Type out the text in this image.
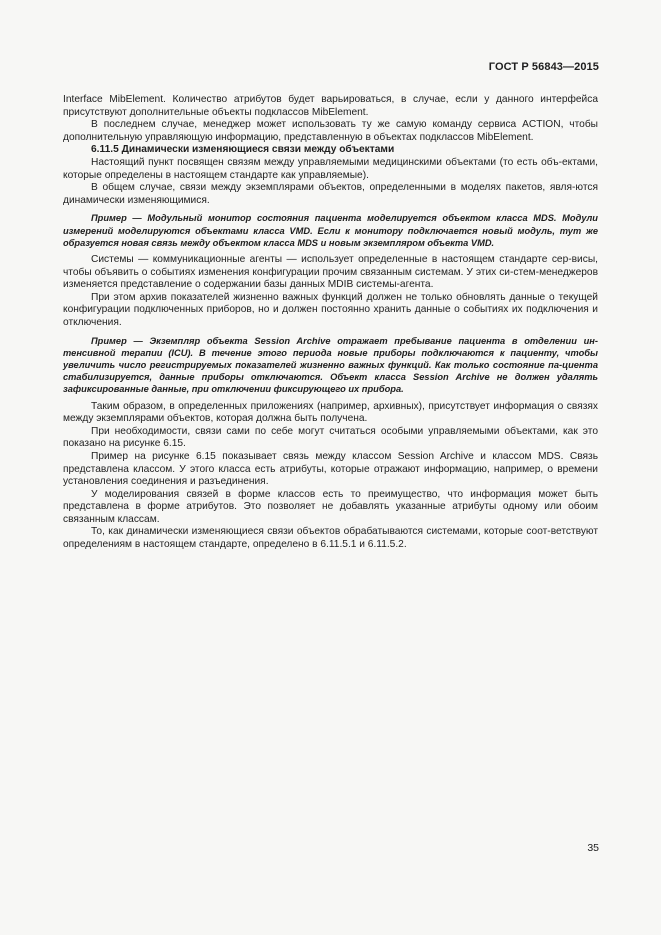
ГОСТ Р 56843—2015

Interface MibElement. Количество атрибутов будет варьироваться, в случае, если у данного интерфейса присутствуют дополнительные объекты подклассов MibElement.

В последнем случае, менеджер может использовать ту же самую команду сервиса ACTION, чтобы дополнительную управляющую информацию, представленную в объектах подклассов MibElement.

6.11.5 Динамически изменяющиеся связи между объектами

Настоящий пункт посвящен связям между управляемыми медицинскими объектами (то есть объ-ектами, которые определены в настоящем стандарте как управляемые).

В общем случае, связи между экземплярами объектов, определенными в моделях пакетов, явля-ются динамически изменяющимися.

Пример — Модульный монитор состояния пациента моделируется объектом класса MDS. Модули измерений моделируются объектами класса VMD. Если к монитору подключается новый модуль, тут же образуется новая связь между объектом класса MDS и новым экземпляром объекта VMD.

Системы — коммуникационные агенты — использует определенные в настоящем стандарте сер-висы, чтобы объявить о событиях изменения конфигурации прочим связанным системам. У этих си-стем-менеджеров изменяется представление о содержании базы данных MDIB системы-агента.

При этом архив показателей жизненно важных функций должен не только обновлять данные о текущей конфигурации подключенных приборов, но и должен постоянно хранить данные о событиях их подключения и отключения.

Пример — Экземпляр объекта Session Archive отражает пребывание пациента в отделении ин-тенсивной терапии (ICU). В течение этого периода новые приборы подключаются к пациенту, чтобы увеличить число регистрируемых показателей жизненно важных функций. Как только состояние па-циента стабилизируется, данные приборы отключаются. Объект класса Session Archive не должен удалять зафиксированные данные, при отключении фиксирующего их прибора.

Таким образом, в определенных приложениях (например, архивных), присутствует информация о связях между экземплярами объектов, которая должна быть получена.

При необходимости, связи сами по себе могут считаться особыми управляемыми объектами, как это показано на рисунке 6.15.

Пример на рисунке 6.15 показывает связь между классом Session Archive и классом MDS. Связь представлена классом. У этого класса есть атрибуты, которые отражают информацию, например, о времени установления соединения и разъединения.

У моделирования связей в форме классов есть то преимущество, что информация может быть представлена в форме атрибутов. Это позволяет не добавлять указанные атрибуты одному или обоим связанным классам.

То, как динамически изменяющиеся связи объектов обрабатываются системами, которые соот-ветствуют определениям в настоящем стандарте, определено в 6.11.5.1 и 6.11.5.2.

35
